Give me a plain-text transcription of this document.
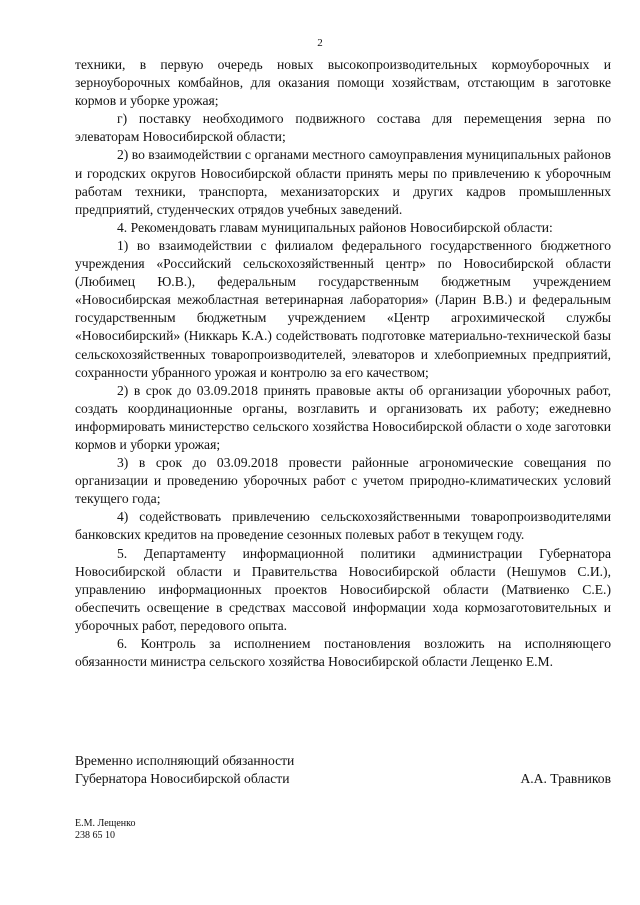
2

техники, в первую очередь новых высокопроизводительных кормоуборочных и зерноуборочных комбайнов, для оказания помощи хозяйствам, отстающим в заготовке кормов и уборке урожая;

г) поставку необходимого подвижного состава для перемещения зерна по элеваторам Новосибирской области;

2) во взаимодействии с органами местного самоуправления муниципальных районов и городских округов Новосибирской области принять меры по привлечению к уборочным работам техники, транспорта, механизаторских и других кадров промышленных предприятий, студенческих отрядов учебных заведений.

4. Рекомендовать главам муниципальных районов Новосибирской области:

1) во взаимодействии с филиалом федерального государственного бюджетного учреждения «Российский сельскохозяйственный центр» по Новосибирской области (Любимец Ю.В.), федеральным государственным бюджетным учреждением «Новосибирская межобластная ветеринарная лаборатория» (Ларин В.В.) и федеральным государственным бюджетным учреждением «Центр агрохимической службы «Новосибирский» (Никкарь К.А.) содействовать подготовке материально-технической базы сельскохозяйственных товаропроизводителей, элеваторов и хлебоприемных предприятий, сохранности убранного урожая и контролю за его качеством;

2) в срок до 03.09.2018 принять правовые акты об организации уборочных работ, создать координационные органы, возглавить и организовать их работу; ежедневно информировать министерство сельского хозяйства Новосибирской области о ходе заготовки кормов и уборки урожая;

3) в срок до 03.09.2018 провести районные агрономические совещания по организации и проведению уборочных работ с учетом природно-климатических условий текущего года;

4) содействовать привлечению сельскохозяйственными товаропроизводителями банковских кредитов на проведение сезонных полевых работ в текущем году.

5. Департаменту информационной политики администрации Губернатора Новосибирской области и Правительства Новосибирской области (Нешумов С.И.), управлению информационных проектов Новосибирской области (Матвиенко С.Е.) обеспечить освещение в средствах массовой информации хода кормозаготовительных и уборочных работ, передового опыта.

6. Контроль за исполнением постановления возложить на исполняющего обязанности министра сельского хозяйства Новосибирской области Лещенко Е.М.

Временно исполняющий обязанности
Губернатора Новосибирской области	А.А. Травников
Е.М. Лещенко
238 65 10
